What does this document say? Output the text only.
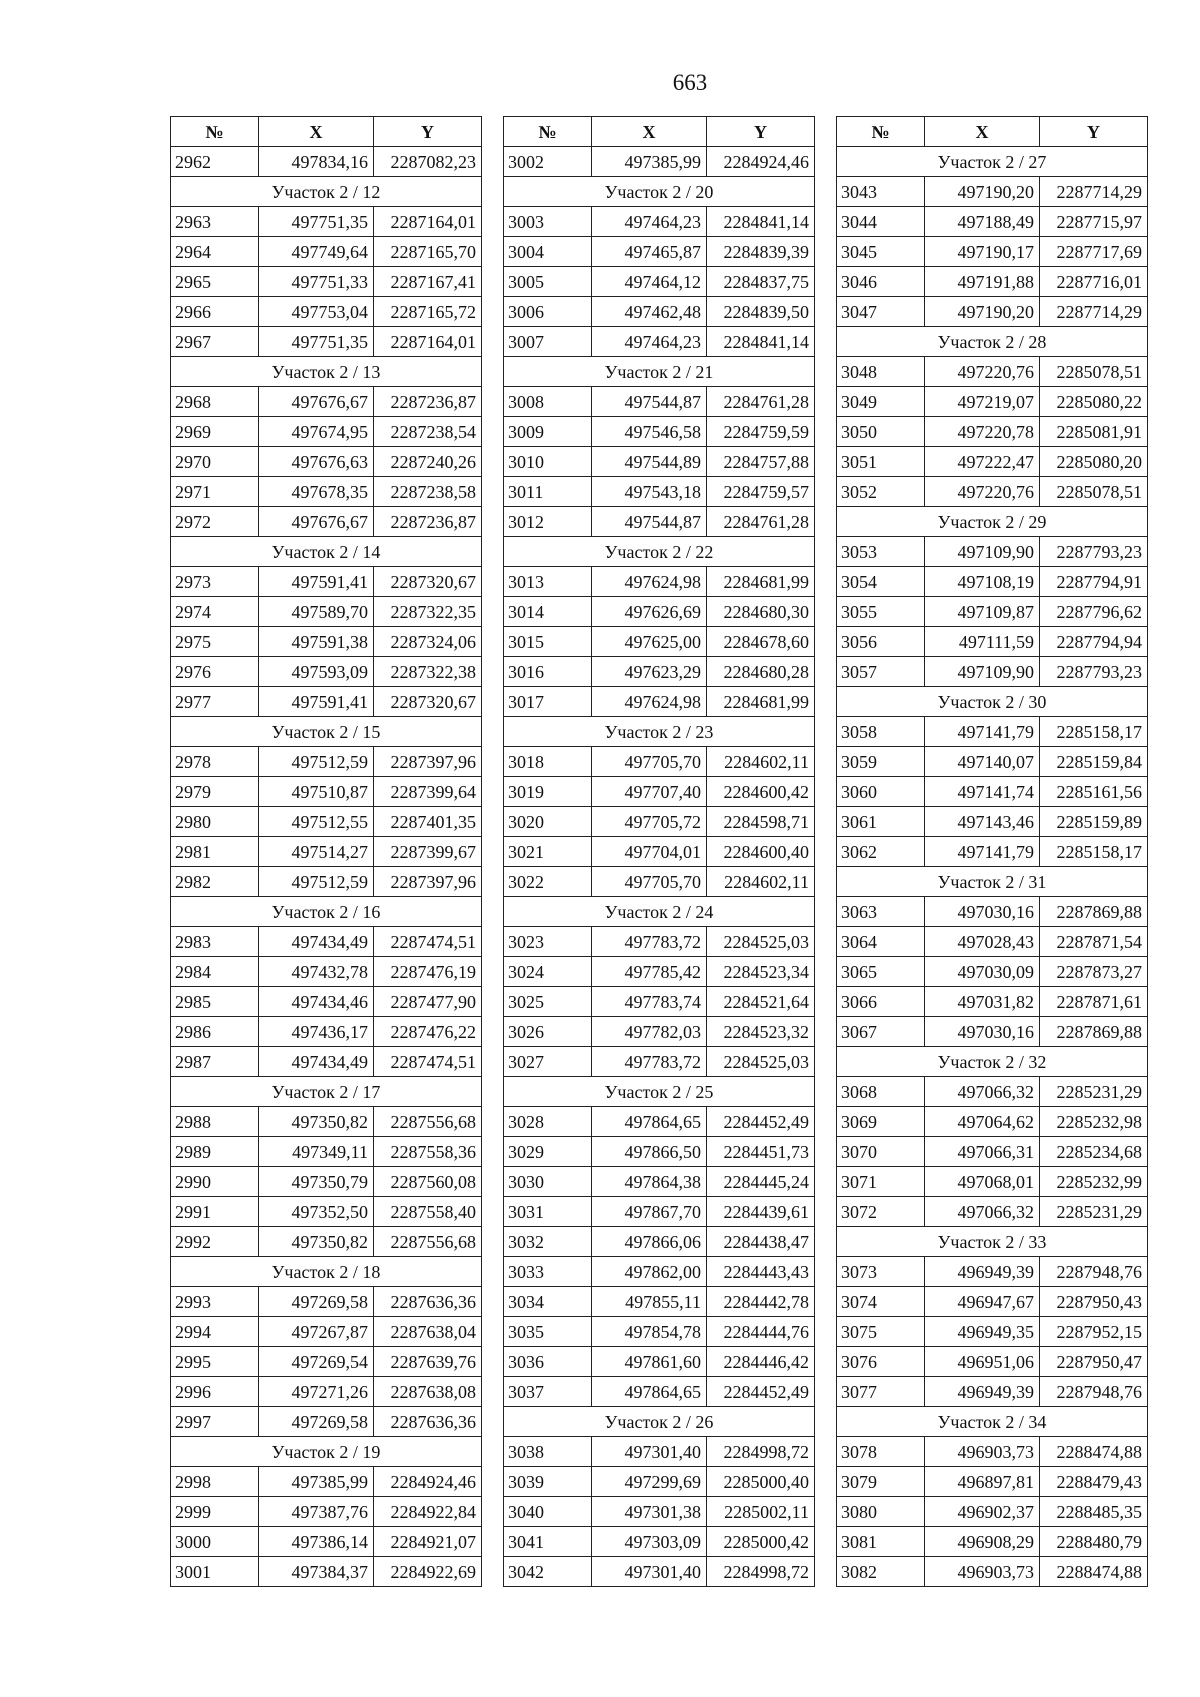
663
№	X	Y
2962	497834,16	2287082,23
Участок 2 / 12		
2963	497751,35	2287164,01
2964	497749,64	2287165,70
2965	497751,33	2287167,41
2966	497753,04	2287165,72
2967	497751,35	2287164,01
Участок 2 / 13		
2968	497676,67	2287236,87
2969	497674,95	2287238,54
2970	497676,63	2287240,26
2971	497678,35	2287238,58
2972	497676,67	2287236,87
Участок 2 / 14		
2973	497591,41	2287320,67
2974	497589,70	2287322,35
2975	497591,38	2287324,06
2976	497593,09	2287322,38
2977	497591,41	2287320,67
Участок 2 / 15		
2978	497512,59	2287397,96
2979	497510,87	2287399,64
2980	497512,55	2287401,35
2981	497514,27	2287399,67
2982	497512,59	2287397,96
Участок 2 / 16		
2983	497434,49	2287474,51
2984	497432,78	2287476,19
2985	497434,46	2287477,90
2986	497436,17	2287476,22
2987	497434,49	2287474,51
Участок 2 / 17		
2988	497350,82	2287556,68
2989	497349,11	2287558,36
2990	497350,79	2287560,08
2991	497352,50	2287558,40
2992	497350,82	2287556,68
Участок 2 / 18		
2993	497269,58	2287636,36
2994	497267,87	2287638,04
2995	497269,54	2287639,76
2996	497271,26	2287638,08
2997	497269,58	2287636,36
Участок 2 / 19		
2998	497385,99	2284924,46
2999	497387,76	2284922,84
3000	497386,14	2284921,07
3001	497384,37	2284922,69
№	X	Y
3002	497385,99	2284924,46
Участок 2 / 20		
3003	497464,23	2284841,14
3004	497465,87	2284839,39
3005	497464,12	2284837,75
3006	497462,48	2284839,50
3007	497464,23	2284841,14
Участок 2 / 21		
3008	497544,87	2284761,28
3009	497546,58	2284759,59
3010	497544,89	2284757,88
3011	497543,18	2284759,57
3012	497544,87	2284761,28
Участок 2 / 22		
3013	497624,98	2284681,99
3014	497626,69	2284680,30
3015	497625,00	2284678,60
3016	497623,29	2284680,28
3017	497624,98	2284681,99
Участок 2 / 23		
3018	497705,70	2284602,11
3019	497707,40	2284600,42
3020	497705,72	2284598,71
3021	497704,01	2284600,40
3022	497705,70	2284602,11
Участок 2 / 24		
3023	497783,72	2284525,03
3024	497785,42	2284523,34
3025	497783,74	2284521,64
3026	497782,03	2284523,32
3027	497783,72	2284525,03
Участок 2 / 25		
3028	497864,65	2284452,49
3029	497866,50	2284451,73
3030	497864,38	2284445,24
3031	497867,70	2284439,61
3032	497866,06	2284438,47
3033	497862,00	2284443,43
3034	497855,11	2284442,78
3035	497854,78	2284444,76
3036	497861,60	2284446,42
3037	497864,65	2284452,49
Участок 2 / 26		
3038	497301,40	2284998,72
3039	497299,69	2285000,40
3040	497301,38	2285002,11
3041	497303,09	2285000,42
3042	497301,40	2284998,72
№	X	Y
Участок 2 / 27		
3043	497190,20	2287714,29
3044	497188,49	2287715,97
3045	497190,17	2287717,69
3046	497191,88	2287716,01
3047	497190,20	2287714,29
Участок 2 / 28		
3048	497220,76	2285078,51
3049	497219,07	2285080,22
3050	497220,78	2285081,91
3051	497222,47	2285080,20
3052	497220,76	2285078,51
Участок 2 / 29		
3053	497109,90	2287793,23
3054	497108,19	2287794,91
3055	497109,87	2287796,62
3056	497111,59	2287794,94
3057	497109,90	2287793,23
Участок 2 / 30		
3058	497141,79	2285158,17
3059	497140,07	2285159,84
3060	497141,74	2285161,56
3061	497143,46	2285159,89
3062	497141,79	2285158,17
Участок 2 / 31		
3063	497030,16	2287869,88
3064	497028,43	2287871,54
3065	497030,09	2287873,27
3066	497031,82	2287871,61
3067	497030,16	2287869,88
Участок 2 / 32		
3068	497066,32	2285231,29
3069	497064,62	2285232,98
3070	497066,31	2285234,68
3071	497068,01	2285232,99
3072	497066,32	2285231,29
Участок 2 / 33		
3073	496949,39	2287948,76
3074	496947,67	2287950,43
3075	496949,35	2287952,15
3076	496951,06	2287950,47
3077	496949,39	2287948,76
Участок 2 / 34		
3078	496903,73	2288474,88
3079	496897,81	2288479,43
3080	496902,37	2288485,35
3081	496908,29	2288480,79
3082	496903,73	2288474,88
